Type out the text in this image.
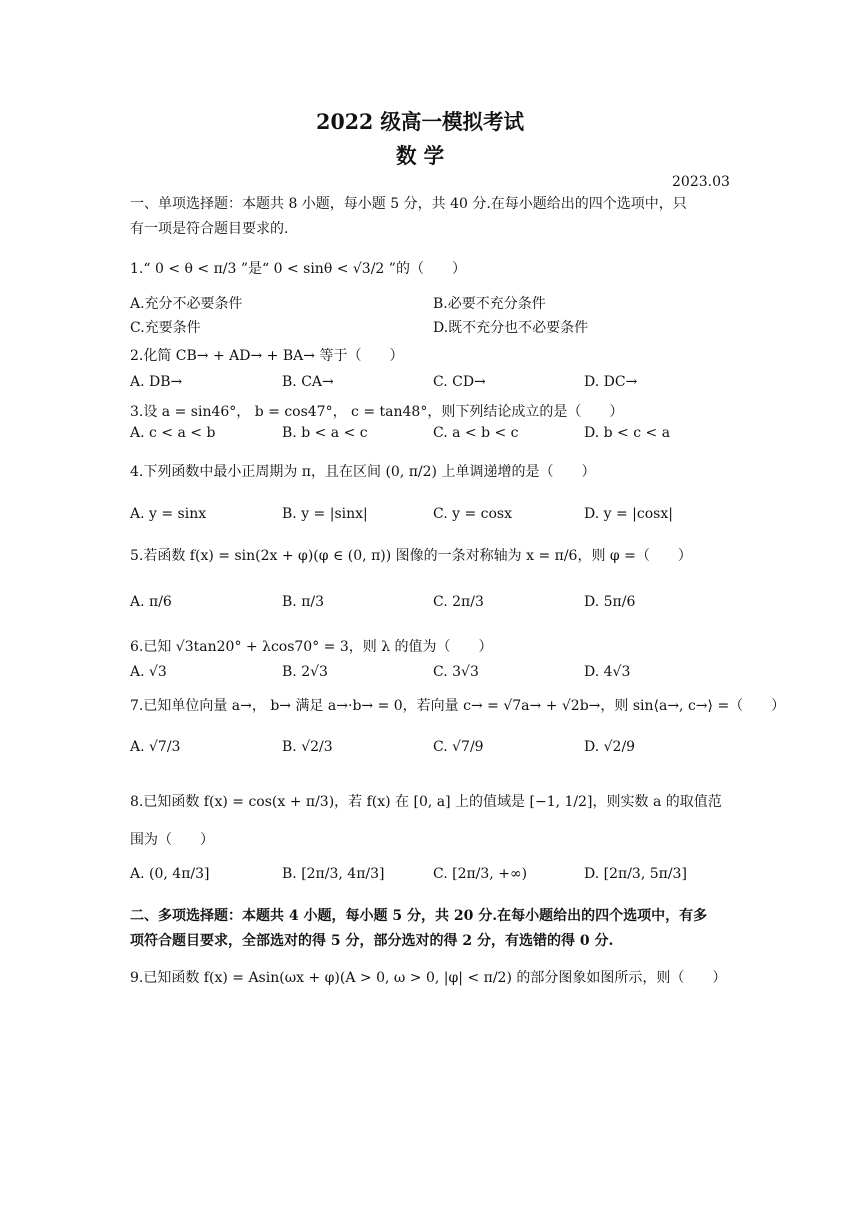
2022 级高一模拟考试
数 学
2023.03
一、单项选择题：本题共 8 小题，每小题 5 分，共 40 分.在每小题给出的四个选项中，只
有一项是符合题目要求的.
1.“ 0 < θ < π/3 ”是“ 0 < sinθ < √3/2 ”的（　　）
A.充分不必要条件	B.必要不充分条件
C.充要条件	D.既不充分也不必要条件
2.化简 CB→ + AD→ + BA→ 等于（　　）
A. DB→	B. CA→	C. CD→	D. DC→
3.设 a = sin46°， b = cos47°， c = tan48°，则下列结论成立的是（　　）
A. c < a < b	B. b < a < c	C. a < b < c	D. b < c < a
4.下列函数中最小正周期为 π，且在区间 (0, π/2) 上单调递增的是（　　）
A. y = sinx	B. y = |sinx|	C. y = cosx	D. y = |cosx|
5.若函数 f(x) = sin(2x + φ)(φ ∈ (0, π)) 图像的一条对称轴为 x = π/6，则 φ =（　　）
A. π/6	B. π/3	C. 2π/3	D. 5π/6
6.已知 √3tan20° + λcos70° = 3，则 λ 的值为（　　）
A. √3	B. 2√3	C. 3√3	D. 4√3
7.已知单位向量 a→， b→ 满足 a→·b→ = 0，若向量 c→ = √7a→ + √2b→，则 sin⟨a→, c→⟩ =（　　）
A. √7/3	B. √2/3	C. √7/9	D. √2/9
8.已知函数 f(x) = cos(x + π/3)，若 f(x) 在 [0, a] 上的值域是 [−1, 1/2]，则实数 a 的取值范
围为（　　）
A. (0, 4π/3]	B. [2π/3, 4π/3]	C. [2π/3, +∞)	D. [2π/3, 5π/3]
二、多项选择题：本题共 4 小题，每小题 5 分，共 20 分.在每小题给出的四个选项中，有多
项符合题目要求，全部选对的得 5 分，部分选对的得 2 分，有选错的得 0 分.
9.已知函数 f(x) = Asin(ωx + φ)(A > 0, ω > 0, |φ| < π/2) 的部分图象如图所示，则（　　）
